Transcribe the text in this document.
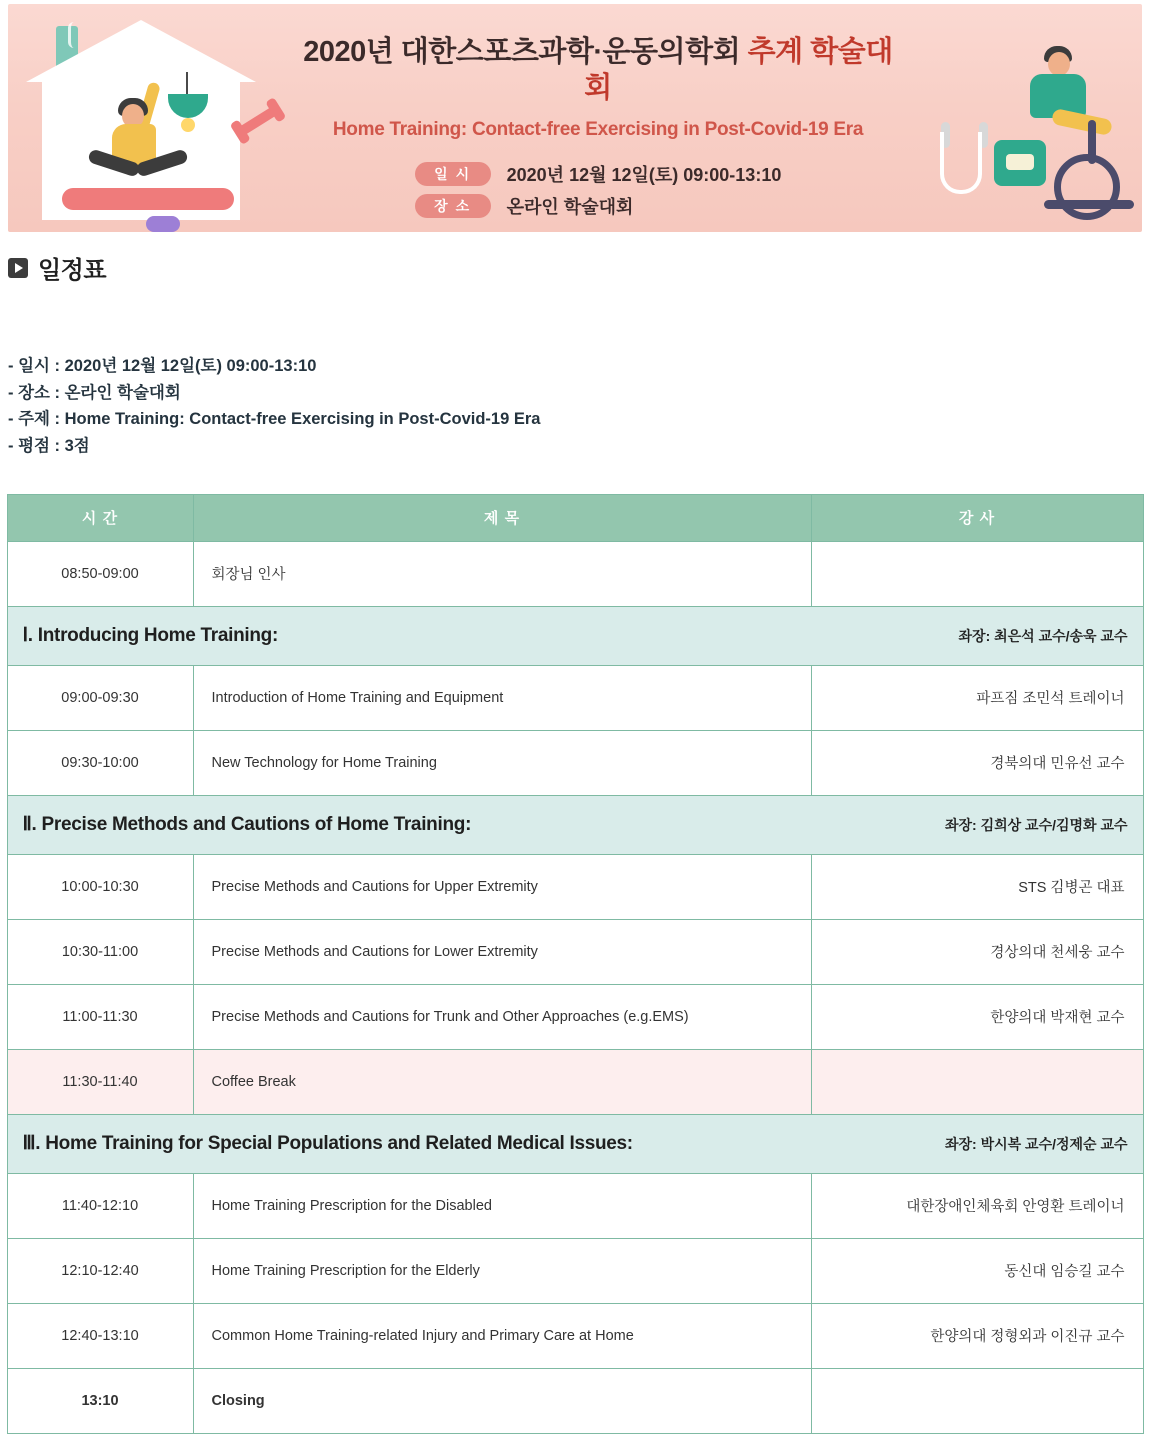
2020년 대한스포츠과학·운동의학회 추계 학술대회
Home Training: Contact-free Exercising in Post-Covid-19 Era
일 시	2020년 12월 12일(토) 09:00-13:10
장 소	온라인 학술대회
일정표
- 일시 : 2020년 12월 12일(토) 09:00-13:10
- 장소 : 온라인 학술대회
- 주제 : Home Training: Contact-free Exercising in Post-Covid-19 Era
- 평점 : 3점
시 간	제 목	강 사
08:50-09:00	회장님 인사	

Ⅰ. Introducing Home Training: 좌장: 최은석 교수/송욱 교수		

09:00-09:30	Introduction of Home Training and Equipment	파프짐 조민석 트레이너
09:30-10:00	New Technology for Home Training	경북의대 민유선 교수

Ⅱ. Precise Methods and Cautions of Home Training: 좌장: 김희상 교수/김명화 교수		

10:00-10:30	Precise Methods and Cautions for Upper Extremity	STS 김병곤 대표
10:30-11:00	Precise Methods and Cautions for Lower Extremity	경상의대 천세웅 교수
11:00-11:30	Precise Methods and Cautions for Trunk and Other Approaches (e.g.EMS)	한양의대 박재현 교수
11:30-11:40	Coffee Break	

Ⅲ. Home Training for Special Populations and Related Medical Issues: 좌장: 박시복 교수/정제순 교수		

11:40-12:10	Home Training Prescription for the Disabled	대한장애인체육회 안영환 트레이너
12:10-12:40	Home Training Prescription for the Elderly	동신대 임승길 교수
12:40-13:10	Common Home Training-related Injury and Primary Care at Home	한양의대 정형외과 이진규 교수
13:10	Closing	
